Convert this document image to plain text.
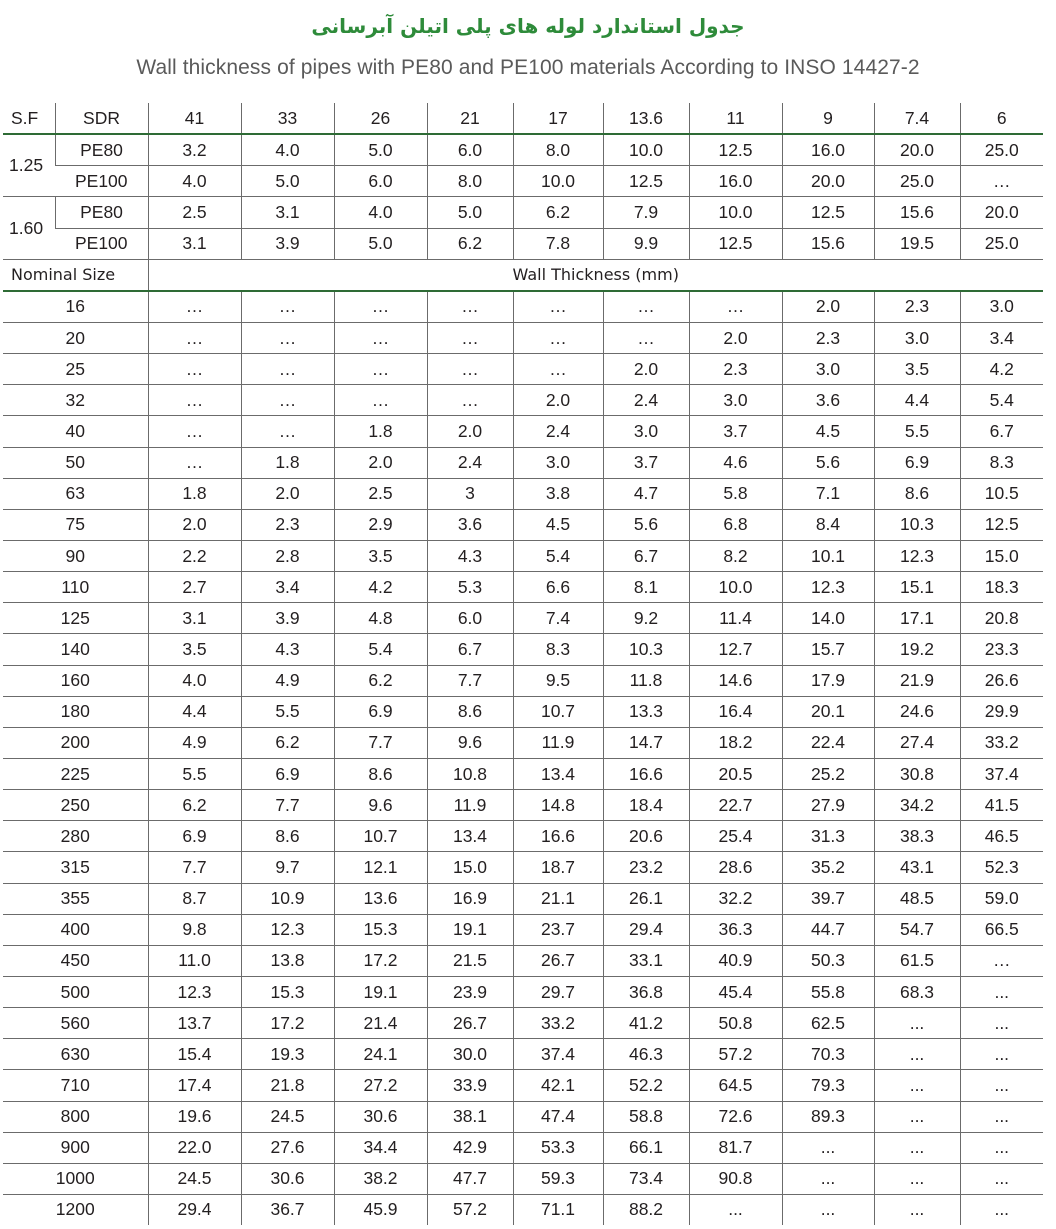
جدول استاندارد لوله های پلی اتیلن آبرسانی
Wall thickness of pipes with PE80 and PE100 materials According to INSO 14427-2
S.F	SDR	41	33	26	21	17	13.6	11	9	7.4	6
1.25	PE80	3.2	4.0	5.0	6.0	8.0	10.0	12.5	16.0	20.0	25.0
	PE100	4.0	5.0	6.0	8.0	10.0	12.5	16.0	20.0	25.0	…
1.60	PE80	2.5	3.1	4.0	5.0	6.2	7.9	10.0	12.5	15.6	20.0
	PE100	3.1	3.9	5.0	6.2	7.8	9.9	12.5	15.6	19.5	25.0
Nominal Size		Wall Thickness (mm)									
16		…	…	…	…	…	…	…	2.0	2.3	3.0
20		…	…	…	…	…	…	2.0	2.3	3.0	3.4
25		…	…	…	…	…	2.0	2.3	3.0	3.5	4.2
32		…	…	…	…	2.0	2.4	3.0	3.6	4.4	5.4
40		…	…	1.8	2.0	2.4	3.0	3.7	4.5	5.5	6.7
50		…	1.8	2.0	2.4	3.0	3.7	4.6	5.6	6.9	8.3
63		1.8	2.0	2.5	3	3.8	4.7	5.8	7.1	8.6	10.5
75		2.0	2.3	2.9	3.6	4.5	5.6	6.8	8.4	10.3	12.5
90		2.2	2.8	3.5	4.3	5.4	6.7	8.2	10.1	12.3	15.0
110		2.7	3.4	4.2	5.3	6.6	8.1	10.0	12.3	15.1	18.3
125		3.1	3.9	4.8	6.0	7.4	9.2	11.4	14.0	17.1	20.8
140		3.5	4.3	5.4	6.7	8.3	10.3	12.7	15.7	19.2	23.3
160		4.0	4.9	6.2	7.7	9.5	11.8	14.6	17.9	21.9	26.6
180		4.4	5.5	6.9	8.6	10.7	13.3	16.4	20.1	24.6	29.9
200		4.9	6.2	7.7	9.6	11.9	14.7	18.2	22.4	27.4	33.2
225		5.5	6.9	8.6	10.8	13.4	16.6	20.5	25.2	30.8	37.4
250		6.2	7.7	9.6	11.9	14.8	18.4	22.7	27.9	34.2	41.5
280		6.9	8.6	10.7	13.4	16.6	20.6	25.4	31.3	38.3	46.5
315		7.7	9.7	12.1	15.0	18.7	23.2	28.6	35.2	43.1	52.3
355		8.7	10.9	13.6	16.9	21.1	26.1	32.2	39.7	48.5	59.0
400		9.8	12.3	15.3	19.1	23.7	29.4	36.3	44.7	54.7	66.5
450		11.0	13.8	17.2	21.5	26.7	33.1	40.9	50.3	61.5	…
500		12.3	15.3	19.1	23.9	29.7	36.8	45.4	55.8	68.3	...
560		13.7	17.2	21.4	26.7	33.2	41.2	50.8	62.5	...	...
630		15.4	19.3	24.1	30.0	37.4	46.3	57.2	70.3	...	...
710		17.4	21.8	27.2	33.9	42.1	52.2	64.5	79.3	...	...
800		19.6	24.5	30.6	38.1	47.4	58.8	72.6	89.3	...	...
900		22.0	27.6	34.4	42.9	53.3	66.1	81.7	...	...	...
1000		24.5	30.6	38.2	47.7	59.3	73.4	90.8	...	...	...
1200		29.4	36.7	45.9	57.2	71.1	88.2	...	...	...	...
